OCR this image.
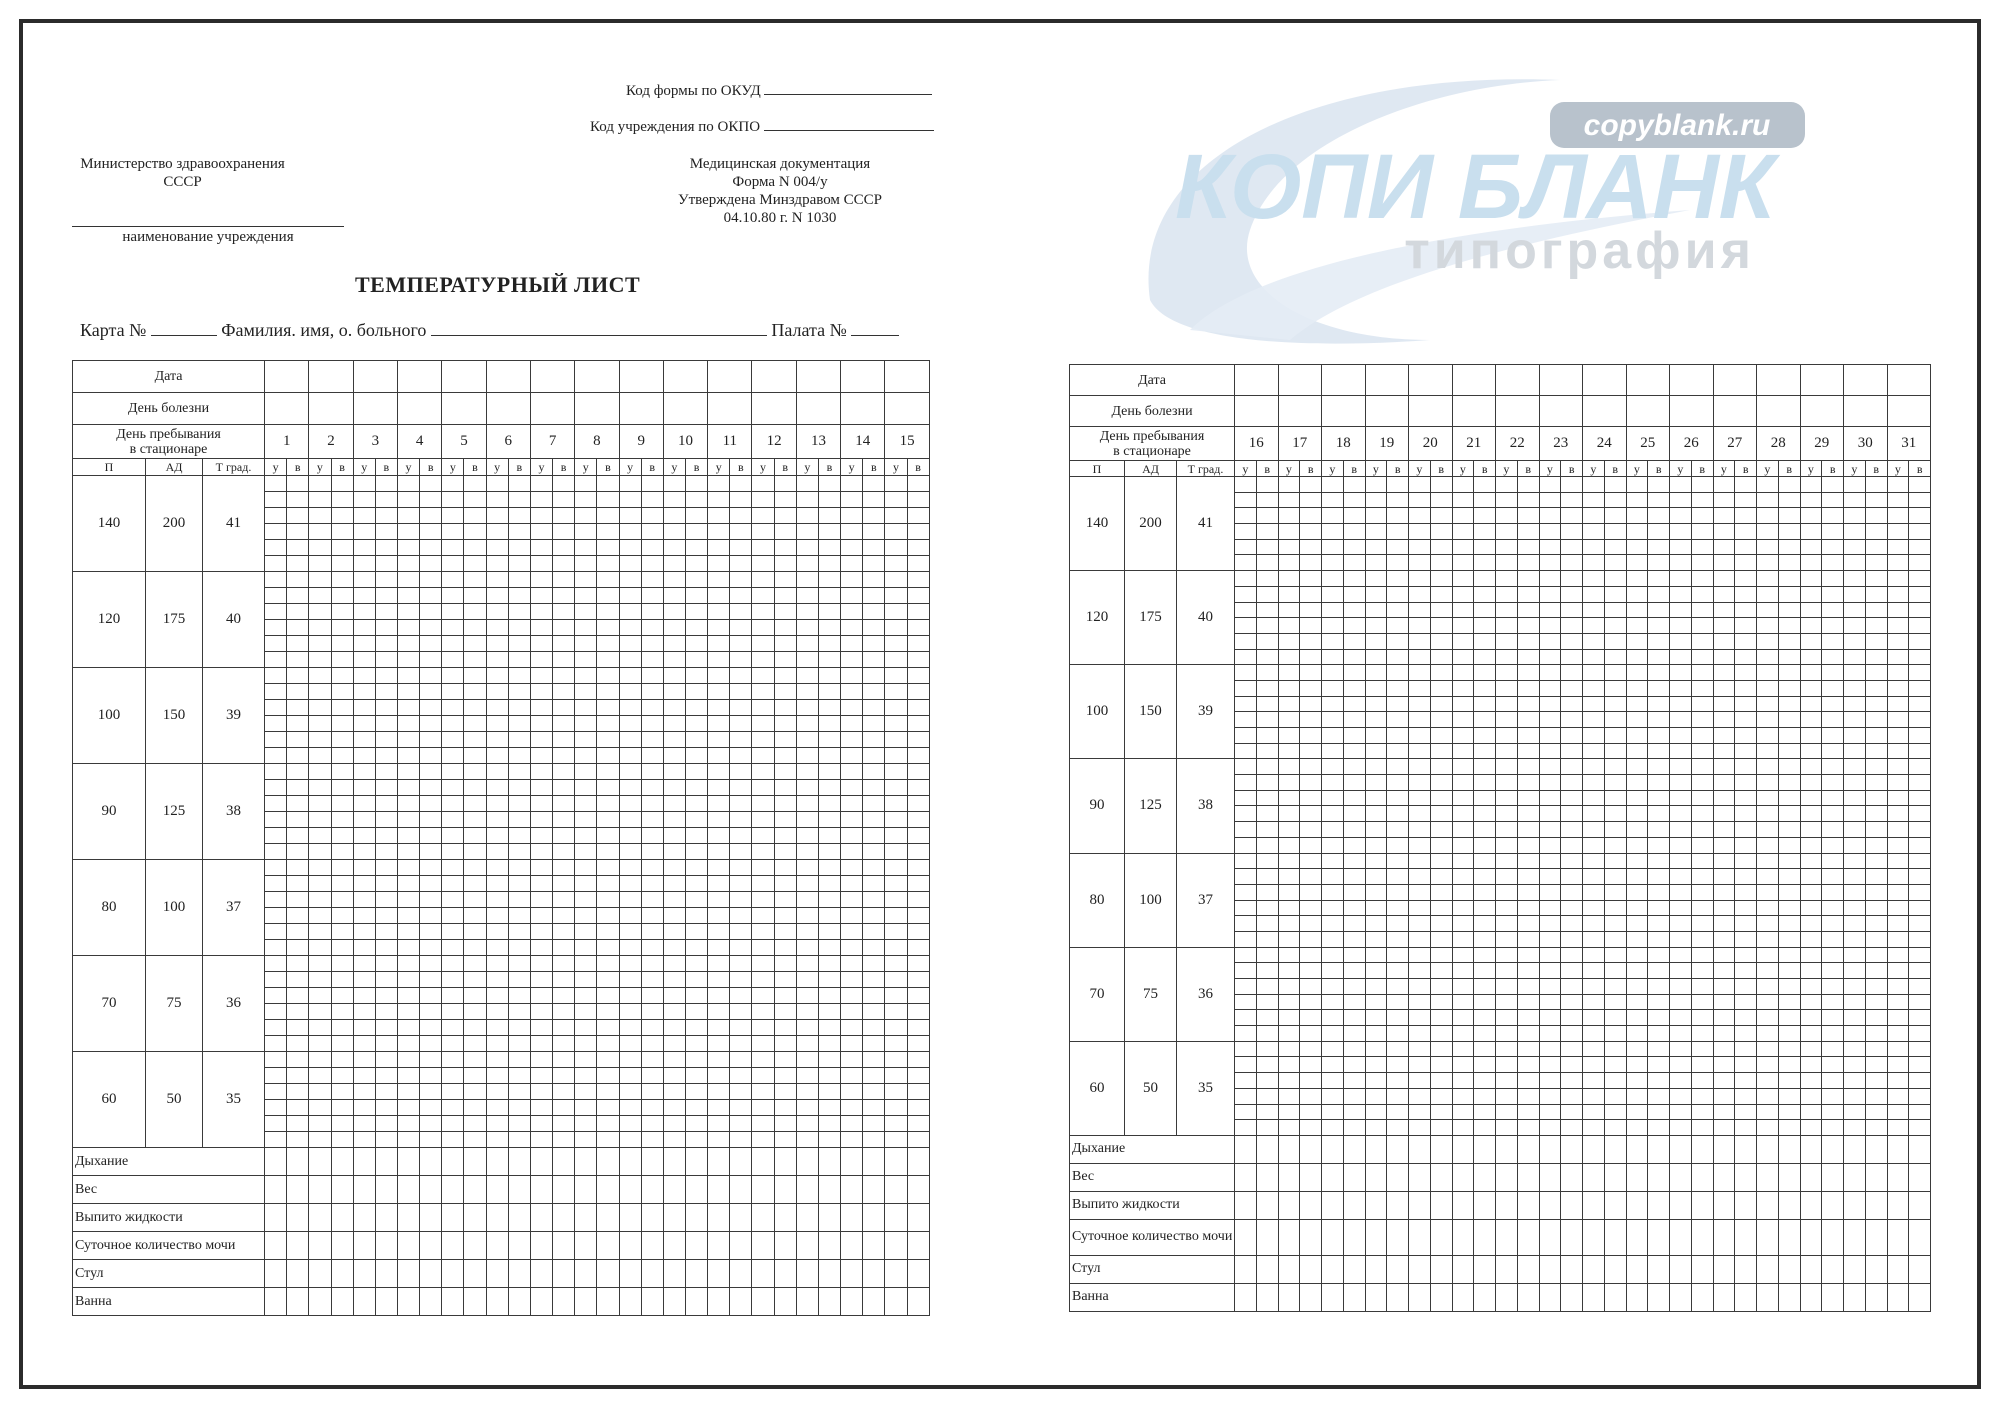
Код формы по ОКУД
Код учреждения по ОКПО
Министерство здравоохранения
СССР
наименование учреждения
Медицинская документация
Форма N 004/у
Утверждена Минздравом СССР
04.10.80 г. N 1030
ТЕМПЕРАТУРНЫЙ ЛИСТ
Карта №	Фамилия. имя, о. больного	Палата №
copyblank.ru
КОПИ БЛАНК
типография
Дата																																
День болезни																																

День пребывания
в стационаре			1		2		3		4		5		6		7		8		9		10		11		12		13		14		15	
П	АД	Т град.	у	в	у	в	у	в	у	в	у	в	у	в	у	в	у	в	у	в	у	в	у	в	у	в	у	в	у	в	у	в
140	200	41																														

120	175	40																														

100	150	39																														

90	125	38																														

80	100	37																														

70	75	36																														

60	50	35																														

Дыхание																																
Вес																																
Выпито жидкости																																
Суточное количество мочи																																
Стул																																
Ванна																																
Дата																																		
День болезни																																		

День пребывания
в стационаре			16		17		18		19		20		21		22		23		24		25		26		27		28		29		30		31	
П	АД	Т град.	у	в	у	в	у	в	у	в	у	в	у	в	у	в	у	в	у	в	у	в	у	в	у	в	у	в	у	в	у	в	у	в
140	200	41																																

120	175	40																																

100	150	39																																

90	125	38																																

80	100	37																																

70	75	36																																

60	50	35																																

Дыхание																																		
Вес																																		
Выпито жидкости																																		
Суточное количество мочи																																		
Стул																																		
Ванна																																		
